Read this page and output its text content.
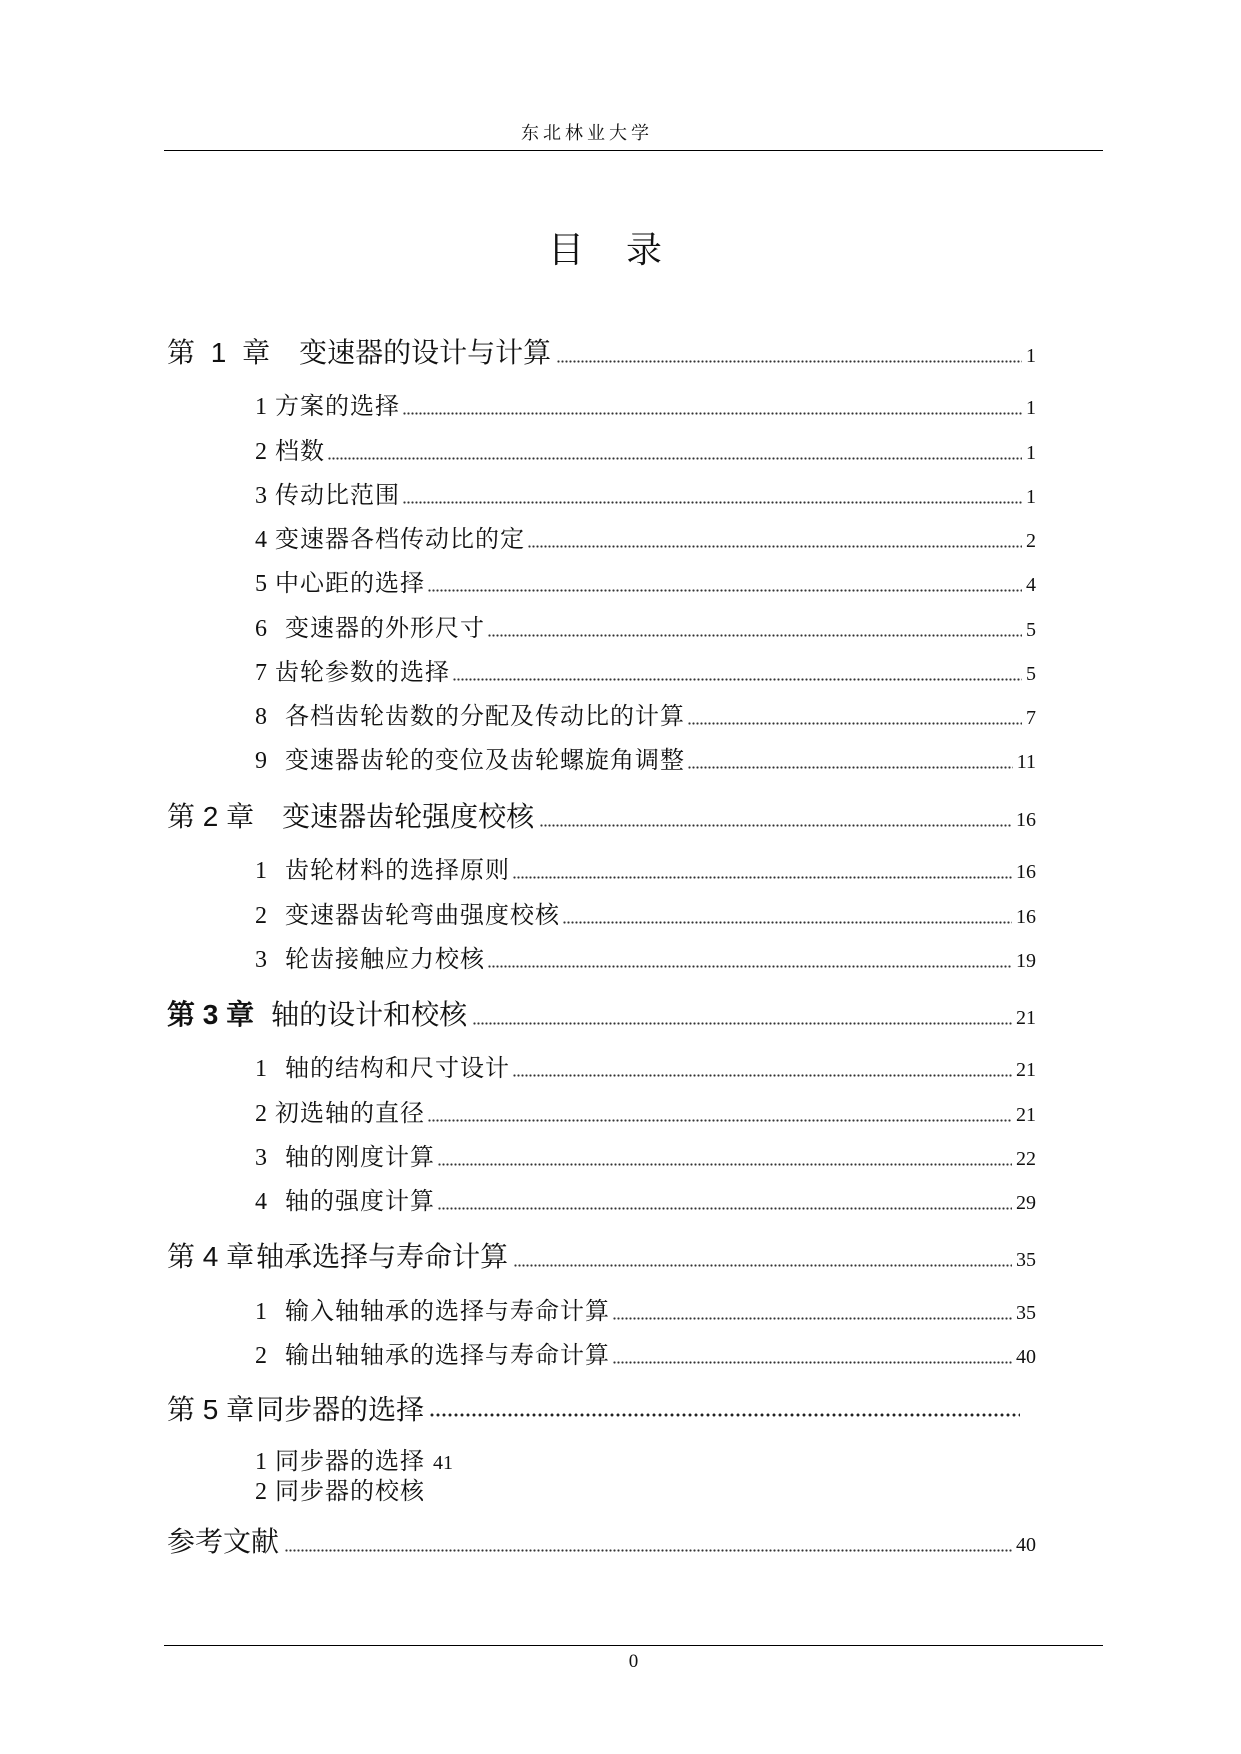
东北林业大学
目 录
第 1 章 变速器的设计与计算	1
1 方案的选择	1
2 档数	1
3 传动比范围	1
4 变速器各档传动比的定	2
5 中心距的选择	4
6 变速器的外形尺寸	5
7 齿轮参数的选择	5
8 各档齿轮齿数的分配及传动比的计算	7
9 变速器齿轮的变位及齿轮螺旋角调整	11
第 2 章 变速器齿轮强度校核	16
1 齿轮材料的选择原则	16
2 变速器齿轮弯曲强度校核	16
3 轮齿接触应力校核	19
第 3 章 轴的设计和校核	21
1 轴的结构和尺寸设计	21
2 初选轴的直径	21
3 轴的刚度计算	22
4 轴的强度计算	29
第 4 章 轴承选择与寿命计算	35
1 输入轴轴承的选择与寿命计算	35
2 输出轴轴承的选择与寿命计算	40
第 5 章 同步器的选择
1 同步器的选择 41
2 同步器的校核
参考文献	40
0
